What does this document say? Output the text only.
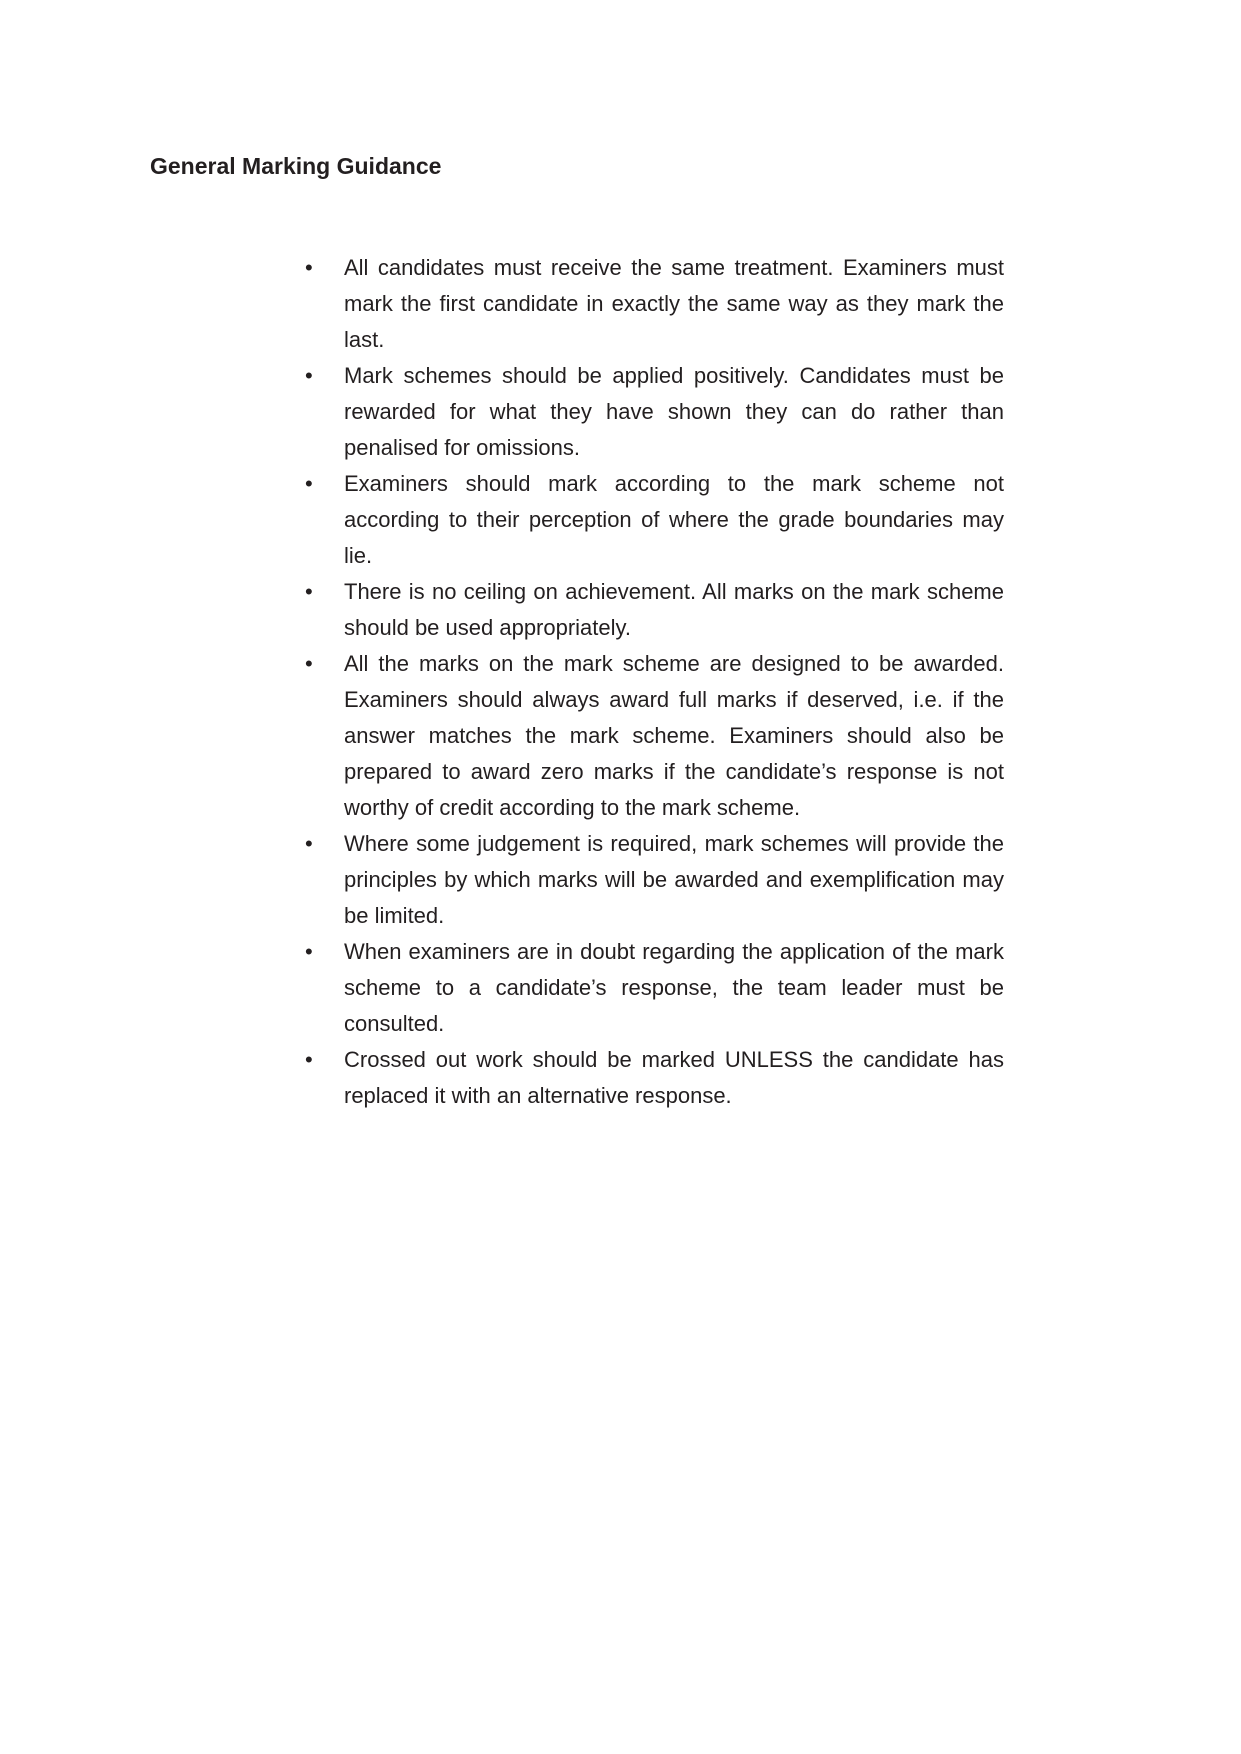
General Marking Guidance
•	All candidates must receive the same treatment. Examiners must mark the first candidate in exactly the same way as they mark the last.
•	Mark schemes should be applied positively. Candidates must be rewarded for what they have shown they can do rather than penalised for omissions.
•	Examiners should mark according to the mark scheme not according to their perception of where the grade boundaries may lie.
•	There is no ceiling on achievement. All marks on the mark scheme should be used appropriately.
•	All the marks on the mark scheme are designed to be awarded. Examiners should always award full marks if deserved, i.e. if the answer matches the mark scheme. Examiners should also be prepared to award zero marks if the candidate’s response is not worthy of credit according to the mark scheme.
•	Where some judgement is required, mark schemes will provide the principles by which marks will be awarded and exemplification may be limited.
•	When examiners are in doubt regarding the application of the mark scheme to a candidate’s response, the team leader must be consulted.
•	Crossed out work should be marked UNLESS the candidate has replaced it with an alternative response.
